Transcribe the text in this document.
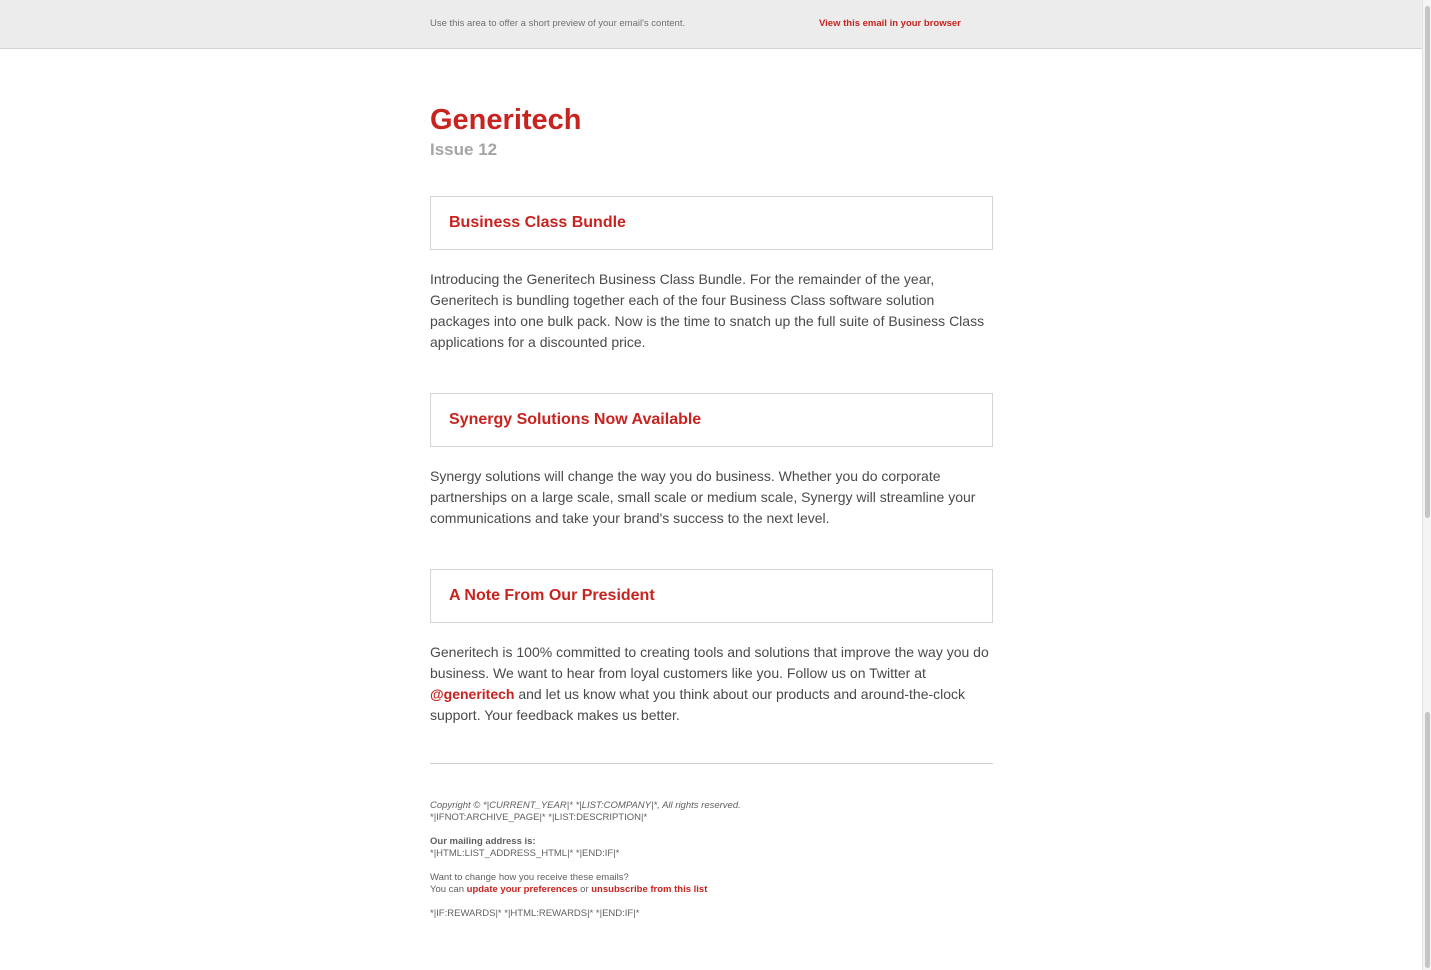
Use this area to offer a short preview of your email's content.	View this email in your browser
Generitech
Issue 12
Business Class Bundle

Introducing the Generitech Business Class Bundle. For the remainder of the year, Generitech is bundling together each of the four Business Class software solution packages into one bulk pack. Now is the time to snatch up the full suite of Business Class applications for a discounted price.

Synergy Solutions Now Available

Synergy solutions will change the way you do business. Whether you do corporate partnerships on a large scale, small scale or medium scale, Synergy will streamline your communications and take your brand's success to the next level.

A Note From Our President

Generitech is 100% committed to creating tools and solutions that improve the way you do business. We want to hear from loyal customers like you. Follow us on Twitter at @generitech and let us know what you think about our products and around-the-clock support. Your feedback makes us better.

Copyright © *|CURRENT_YEAR|* *|LIST:COMPANY|*, All rights reserved.

*|IFNOT:ARCHIVE_PAGE|* *|LIST:DESCRIPTION|*

Our mailing address is:

*|HTML:LIST_ADDRESS_HTML|* *|END:IF|*

Want to change how you receive these emails?

You can update your preferences or unsubscribe from this list

*|IF:REWARDS|* *|HTML:REWARDS|* *|END:IF|*
